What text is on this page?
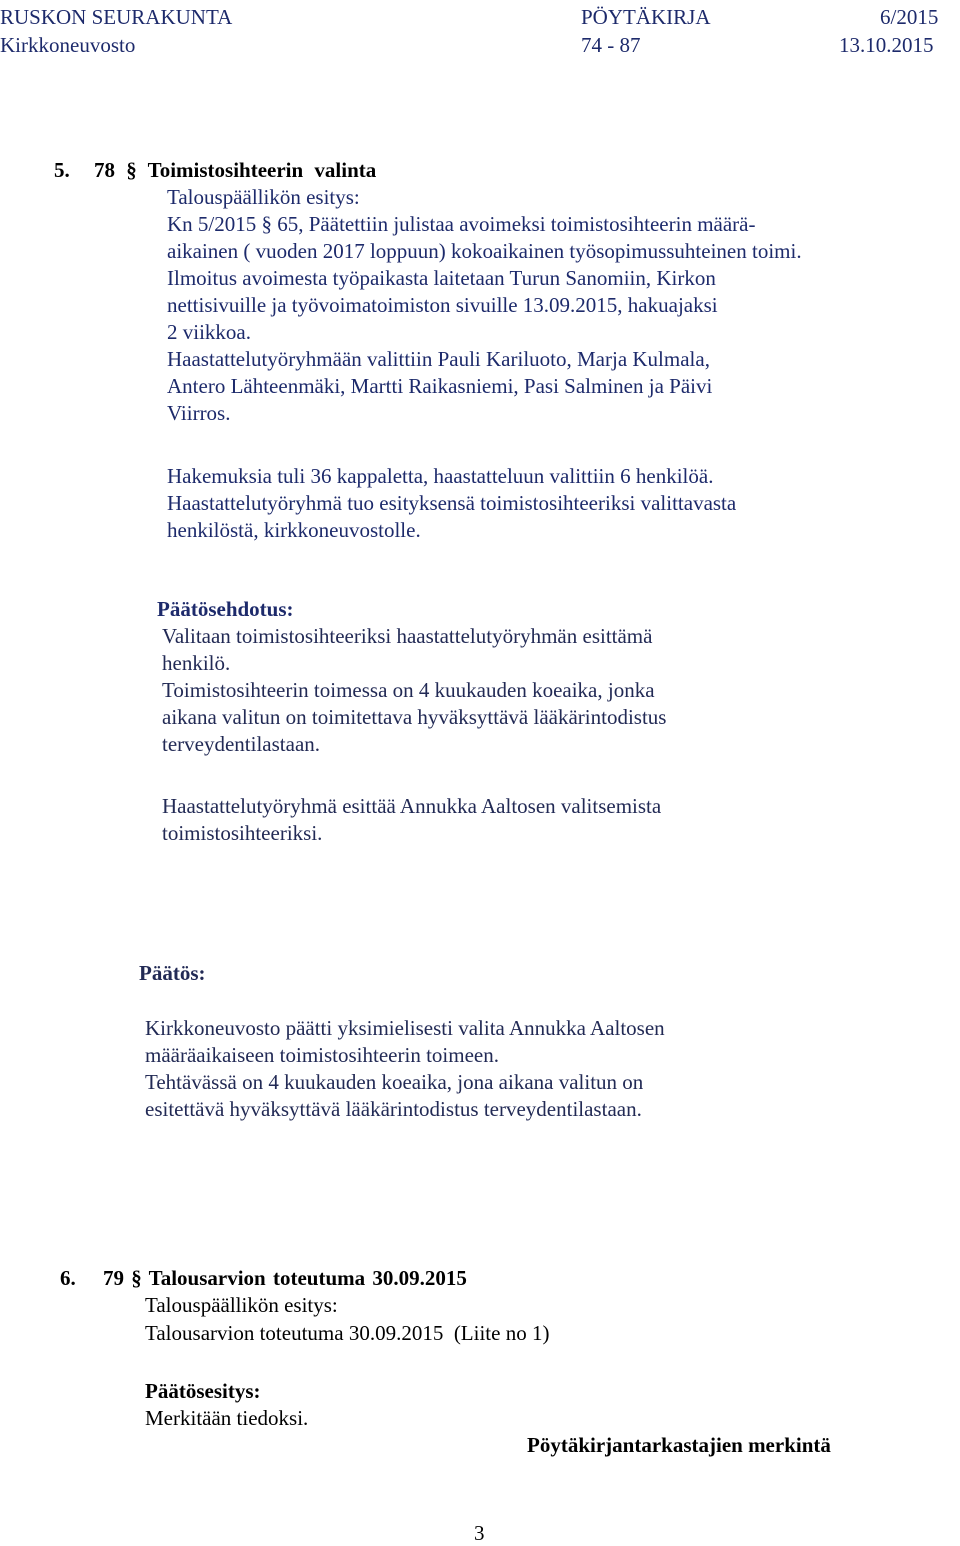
RUSKON SEURAKUNTA	PÖYTÄKIRJA	6/2015
Kirkkoneuvosto	74 - 87	13.10.2015
5. 78 § Toimistosihteerin valinta
Talouspäällikön esitys:
Kn 5/2015 § 65, Päätettiin julistaa avoimeksi toimistosihteerin määrä-
aikainen ( vuoden 2017 loppuun) kokoaikainen työsopimussuhteinen toimi.
Ilmoitus avoimesta työpaikasta laitetaan Turun Sanomiin, Kirkon
nettisivuille ja työvoimatoimiston sivuille 13.09.2015, hakuajaksi
2 viikkoa.
Haastattelutyöryhmään valittiin Pauli Kariluoto, Marja Kulmala,
Antero Lähteenmäki, Martti Raikasniemi, Pasi Salminen ja Päivi
Viirros.
Hakemuksia tuli 36 kappaletta, haastatteluun valittiin 6 henkilöä.
Haastattelutyöryhmä tuo esityksensä toimistosihteeriksi valittavasta
henkilöstä, kirkkoneuvostolle.
Päätösehdotus:
Valitaan toimistosihteeriksi haastattelutyöryhmän esittämä
henkilö.
Toimistosihteerin toimessa on 4 kuukauden koeaika, jonka
aikana valitun on toimitettava hyväksyttävä lääkärintodistus
terveydentilastaan.
Haastattelutyöryhmä esittää Annukka Aaltosen valitsemista
toimistosihteeriksi.
Päätös:
Kirkkoneuvosto päätti yksimielisesti valita Annukka Aaltosen
määräaikaiseen toimistosihteerin toimeen.
Tehtävässä on 4 kuukauden koeaika, jona aikana valitun on
esitettävä hyväksyttävä lääkärintodistus terveydentilastaan.
6. 79 § Talousarvion toteutuma 30.09.2015
Talouspäällikön esitys:
Talousarvion toteutuma 30.09.2015  (Liite no 1)
Päätösesitys:
Merkitään tiedoksi.
Pöytäkirjantarkastajien merkintä
3
